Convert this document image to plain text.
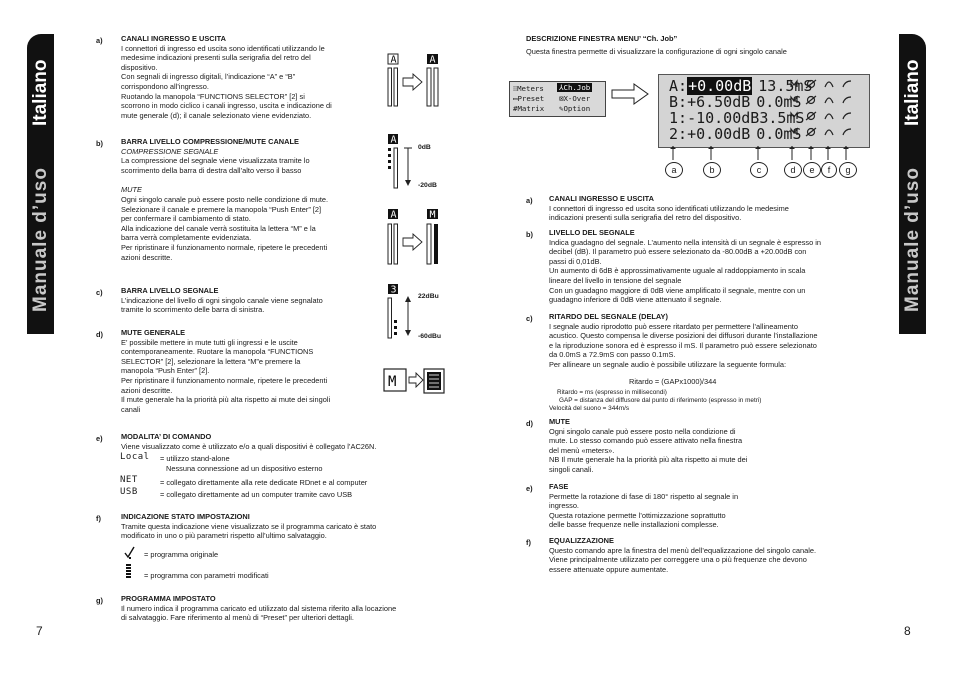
Italiano
Manuale d’uso
7
a) CANALI INGRESSO E USCITA
I connettori di ingresso ed uscita sono identificati utilizzando le
medesime indicazioni presenti sulla serigrafia del retro del
dispositivo.
Con segnali di ingresso digitali, l’indicazione “A” e “B”
corrispondono all’ingresso.
Ruotando la manopola “FUNCTIONS SELECTOR” [2] si
scorrono in modo ciclico i canali ingresso, uscita e indicazione di
mute generale (d); il canale selezionato viene evidenziato.
A	A
b) BARRA LIVELLO COMPRESSIONE/MUTE CANALE
COMPRESSIONE SEGNALE
La compressione del segnale viene visualizzata tramite lo
scorrimento della barra di destra dall’alto verso il basso
MUTE
Ogni singolo canale può essere posto nelle condizione di mute.
Selezionare il canale e premere la manopola “Push Enter” [2]
per confermare il cambiamento di stato.
Alla indicazione del canale verrà sostituita la lettera “M” e la
barra verrà completamente evidenziata.
Per ripristinare il funzionamento normale, ripetere le precedenti
azioni descritte.
A
0dB
-20dB
A	M
c) BARRA LIVELLO SEGNALE
L’indicazione del livello di ogni singolo canale viene segnalato
tramite lo scorrimento delle barra di sinistra.
3
22dBu
-60dBu
d) MUTE GENERALE
E’ possibile mettere in mute tutti gli ingressi e le uscite
contemporaneamente. Ruotare la manopola “FUNCTIONS
SELECTOR” [2], selezionare la lettera “M”e premere la
manopola “Push Enter” [2].
Per ripristinare il funzionamento normale, ripetere le precedenti
azioni descritte.
Il mute generale ha la priorità più alta rispetto ai mute dei singoli
canali
M
e) MODALITA’ DI COMANDO
Viene visualizzato come è utilizzato e/o a quali dispositivi è collegato l’AC26N.
Local = utilizzo stand-alone
Nessuna connessione ad un dispositivo esterno
NET	= collegato direttamente alla rete dedicate RDnet e al computer
USB	= collegato direttamente ad un computer tramite cavo USB
f)	INDICAZIONE STATO IMPOSTAZIONI
Tramite questa indicazione viene visualizzato se il programma caricato è stato
modificato in uno o più parametri rispetto all’ultimo salvataggio.
= programma originale
= programma con parametri modificati
g) PROGRAMMA IMPOSTATO
Il numero indica il programma caricato ed utilizzato dal sistema riferito alla locazione
di salvataggio. Fare riferimento al menù di “Preset” per ulteriori dettagli.
Italiano
Manuale d’uso
8
DESCRIZIONE FINESTRA MENU’ “Ch. Job”
Questa finestra permette di visualizzare la configurazione di ogni singolo canale
⁞⁞Meters
▭Preset
#Matrix
⅄Ch.Job
⊠X-Over
✎Option
A:+0.00dB 13.5mS
B:+6.50dB 0.0mS
1:-10.00dB3.5mS
2:+0.00dB 0.0mS
a	b	c	d	e	f	g
a) CANALI INGRESSO E USCITA
I connettori di ingresso ed uscita sono identificati utilizzando le medesime
indicazioni presenti sulla serigrafia del retro del dispositivo.
b) LIVELLO DEL SEGNALE
Indica guadagno del segnale. L’aumento nella intensità di un segnale è espresso in
decibel (dB). Il parametro può essere selezionato da -80.00dB a +20.00dB con
passi di 0,01dB.
Un aumento di 6dB è approssimativamente uguale al raddoppiamento in scala
lineare del livello in tensione del segnale
Con un guadagno maggiore di 0dB viene amplificato il segnale, mentre con un
guadagno inferiore di 0dB viene attenuato il segnale.
c) RITARDO DEL SEGNALE (DELAY)
I segnale audio riprodotto può essere ritardato per permettere l’allineamento
acustico. Questo compensa le diverse posizioni dei diffusori durante l’installazione
e la riproduzione sonora ed è espresso il mS. Il parametro può essere selezionato
da 0.0mS a 72.9mS con passo 0.1mS.
Per allineare un segnale audio è possibile utilizzare la seguente formula:
Ritardo = (GAPx1000)/344
Ritardo = ms (espresso in millisecondi)
GAP = distanza del diffusore dal punto di riferimento (espresso in metri)
Velocità del suono = 344m/s
d) MUTE
Ogni singolo canale può essere posto nella condizione di
mute. Lo stesso comando può essere attivato nella finestra
del menù «meters».
NB Il mute generale ha la priorità più alta rispetto ai mute dei
singoli canali.
e) FASE
Permette la rotazione di fase di 180° rispetto al segnale in
ingresso.
Questa rotazione permette l’ottimizzazione soprattutto
delle basse frequenze nelle installazioni complesse.
f) EQUALIZZAZIONE
Questo comando apre la finestra del menù dell’equalizzazione del singolo canale.
Viene principalmente utilizzato per correggere una o più frequenze che devono
essere attenuate oppure aumentate.
